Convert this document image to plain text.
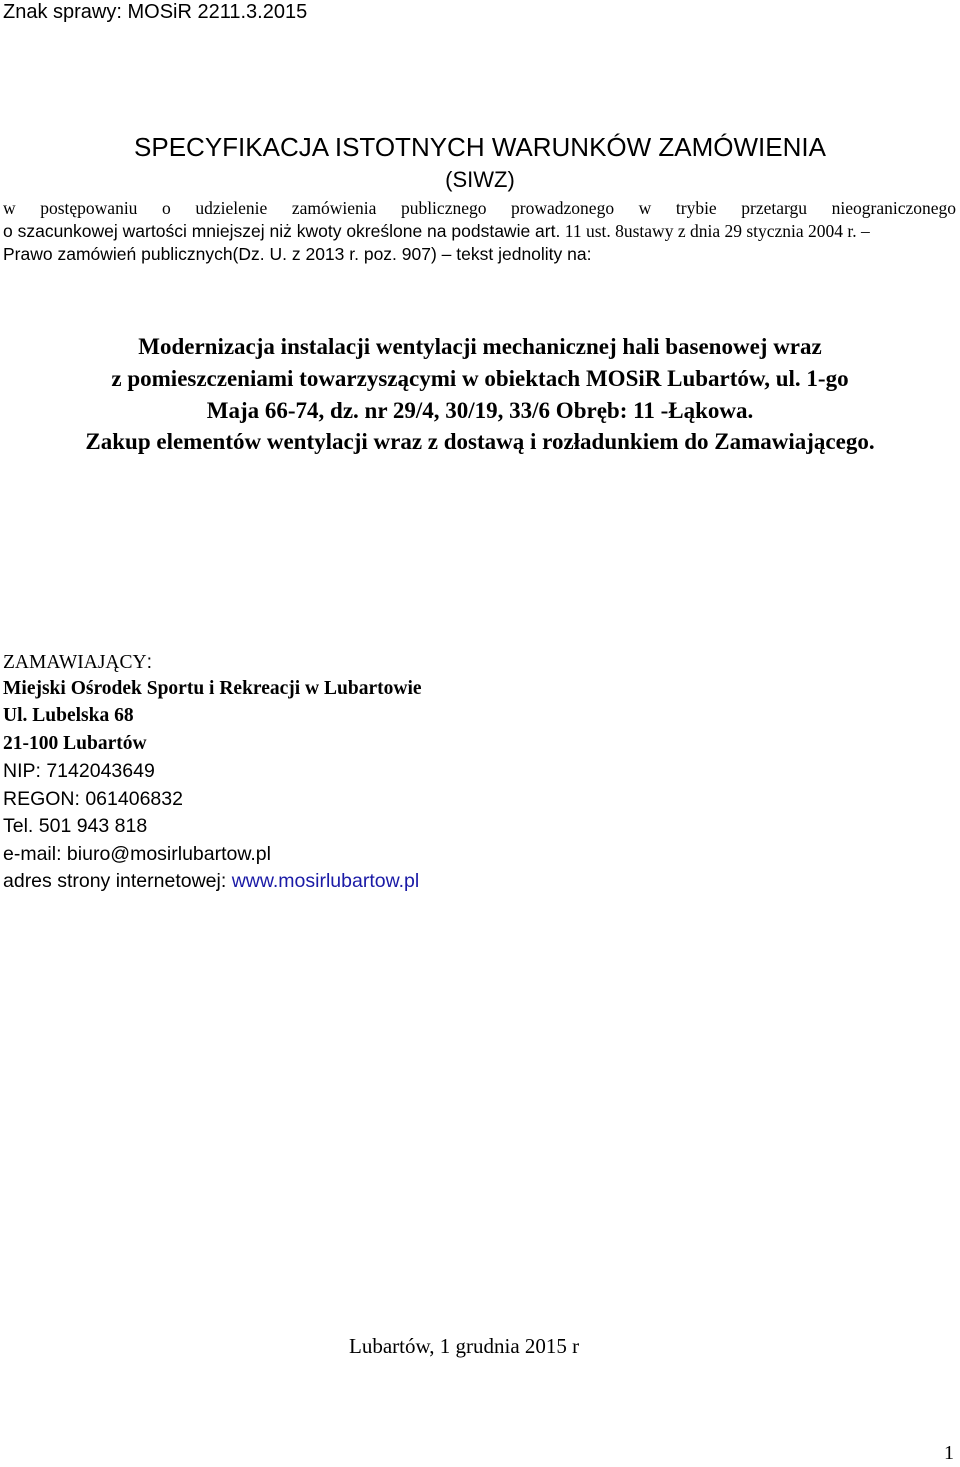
Znak sprawy: MOSiR 2211.3.2015
SPECYFIKACJA ISTOTNYCH WARUNKÓW ZAMÓWIENIA
(SIWZ)
w postępowaniu o udzielenie zamówienia publicznego prowadzonego w trybie przetargu nieograniczonego
o szacunkowej wartości mniejszej niż kwoty określone na podstawie art. 11 ust. 8ustawy z dnia 29 stycznia 2004 r. –
Prawo zamówień publicznych(Dz. U. z 2013 r. poz. 907) – tekst jednolity na:
Modernizacja instalacji wentylacji mechanicznej hali basenowej wraz
z pomieszczeniami towarzyszącymi w obiektach MOSiR Lubartów, ul. 1-go
Maja 66-74, dz. nr 29/4, 30/19, 33/6 Obręb: 11 -Łąkowa.
Zakup elementów wentylacji wraz z dostawą i rozładunkiem do Zamawiającego.
ZAMAWIAJĄCY:
Miejski Ośrodek Sportu i Rekreacji w Lubartowie
Ul. Lubelska 68
21-100 Lubartów
NIP: 7142043649
REGON: 061406832
Tel. 501 943 818
e-mail: biuro@mosirlubartow.pl
adres strony internetowej: www.mosirlubartow.pl
Lubartów, 1 grudnia 2015 r
1
